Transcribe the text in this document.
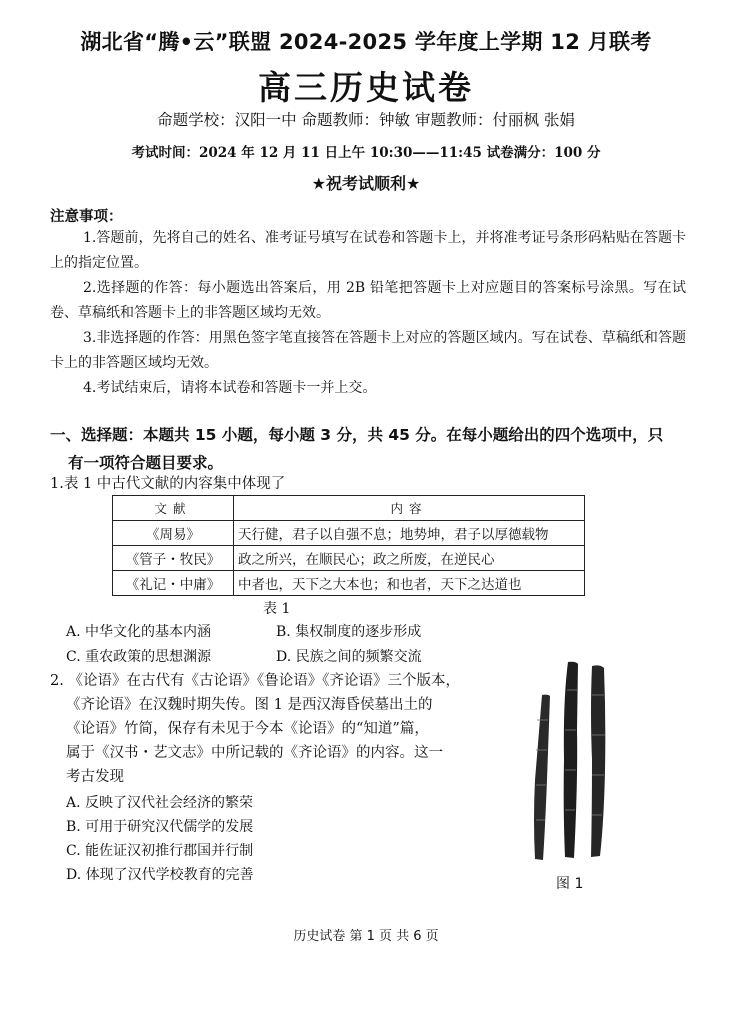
湖北省“腾•云”联盟 2024-2025 学年度上学期 12 月联考
高三历史试卷
命题学校：汉阳一中 命题教师：钟敏 审题教师：付丽枫 张娟
考试时间：2024 年 12 月 11 日上午 10:30——11:45 试卷满分：100 分
★祝考试顺利★
注意事项：

1.答题前，先将自己的姓名、准考证号填写在试卷和答题卡上，并将准考证号条形码粘贴在答题卡上的指定位置。

2.选择题的作答：每小题选出答案后，用 2B 铅笔把答题卡上对应题目的答案标号涂黑。写在试卷、草稿纸和答题卡上的非答题区域均无效。

3.非选择题的作答：用黑色签字笔直接答在答题卡上对应的答题区域内。写在试卷、草稿纸和答题卡上的非答题区域均无效。

4.考试结束后，请将本试卷和答题卡一并上交。

一、选择题：本题共 15 小题，每小题 3 分，共 45 分。在每小题给出的四个选项中，只
有一项符合题目要求。
1.表 1 中古代文献的内容集中体现了
文献	内容
《周易》	天行健，君子以自强不息；地势坤，君子以厚德载物
《管子・牧民》	政之所兴，在顺民心；政之所废，在逆民心
《礼记・中庸》	中者也，天下之大本也；和也者，天下之达道也
表 1
A. 中华文化的基本内涵	B. 集权制度的逐步形成
C. 重农政策的思想渊源	D. 民族之间的频繁交流
2. 《论语》在古代有《古论语》《鲁论语》《齐论语》三个版本，
《齐论语》在汉魏时期失传。图 1 是西汉海昏侯墓出土的
《论语》竹简，保存有未见于今本《论语》的“知道”篇，
属于《汉书・艺文志》中所记载的《齐论语》的内容。这一
考古发现
A. 反映了汉代社会经济的繁荣
B. 可用于研究汉代儒学的发展
C. 能佐证汉初推行郡国并行制
D. 体现了汉代学校教育的完善
图 1
历史试卷 第 1 页 共 6 页
